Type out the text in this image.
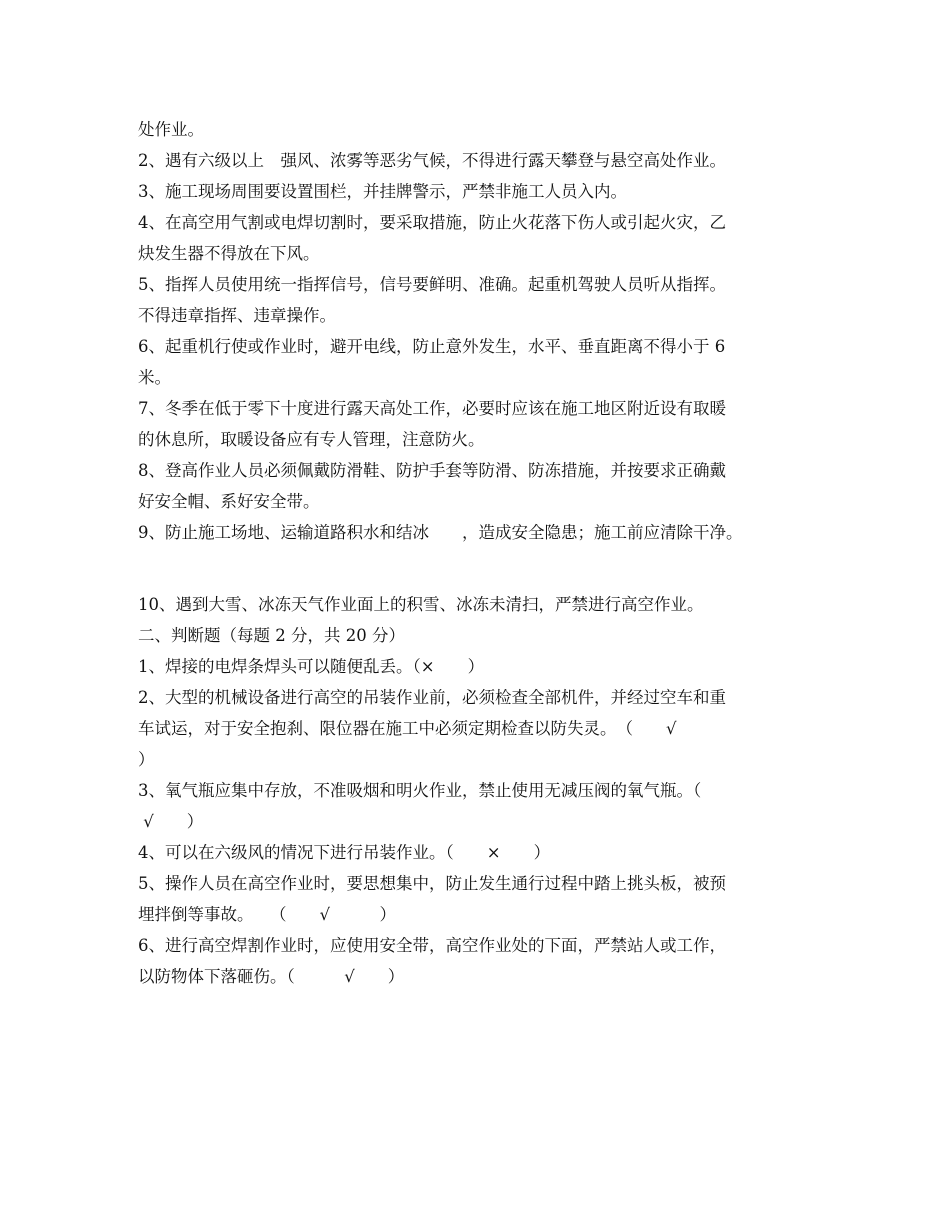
处作业。

2、遇有六级以上　强风、浓雾等恶劣气候，不得进行露天攀登与悬空高处作业。

3、施工现场周围要设置围栏，并挂牌警示，严禁非施工人员入内。

4、在高空用气割或电焊切割时，要采取措施，防止火花落下伤人或引起火灾，乙

炔发生器不得放在下风。

5、指挥人员使用统一指挥信号，信号要鲜明、准确。起重机驾驶人员听从指挥。

不得违章指挥、违章操作。

6、起重机行使或作业时，避开电线，防止意外发生，水平、垂直距离不得小于 6

米。

7、冬季在低于零下十度进行露天高处工作，必要时应该在施工地区附近设有取暖

的休息所，取暖设备应有专人管理，注意防火。

8、登高作业人员必须佩戴防滑鞋、防护手套等防滑、防冻措施，并按要求正确戴

好安全帽、系好安全带。

9、防止施工场地、运输道路积水和结冰　　，造成安全隐患；施工前应清除干净。

10、遇到大雪、冰冻天气作业面上的积雪、冰冻未清扫，严禁进行高空作业。

二、判断题（每题 2 分，共 20 分）

1、焊接的电焊条焊头可以随便乱丢。（×　　）

2、大型的机械设备进行高空的吊装作业前，必须检查全部机件，并经过空车和重

车试运，对于安全抱刹、限位器在施工中必须定期检查以防失灵。　（　　√

）

3、氧气瓶应集中存放，不准吸烟和明火作业，禁止使用无减压阀的氧气瓶。（

√　　）

4、可以在六级风的情况下进行吊装作业。（　　×　　）

5、操作人员在高空作业时，要思想集中，防止发生通行过程中踏上挑头板，被预

埋拌倒等事故。　　（　　√　　　）

6、进行高空焊割作业时，应使用安全带，高空作业处的下面，严禁站人或工作，

以防物体下落砸伤。（　　　√　　）
